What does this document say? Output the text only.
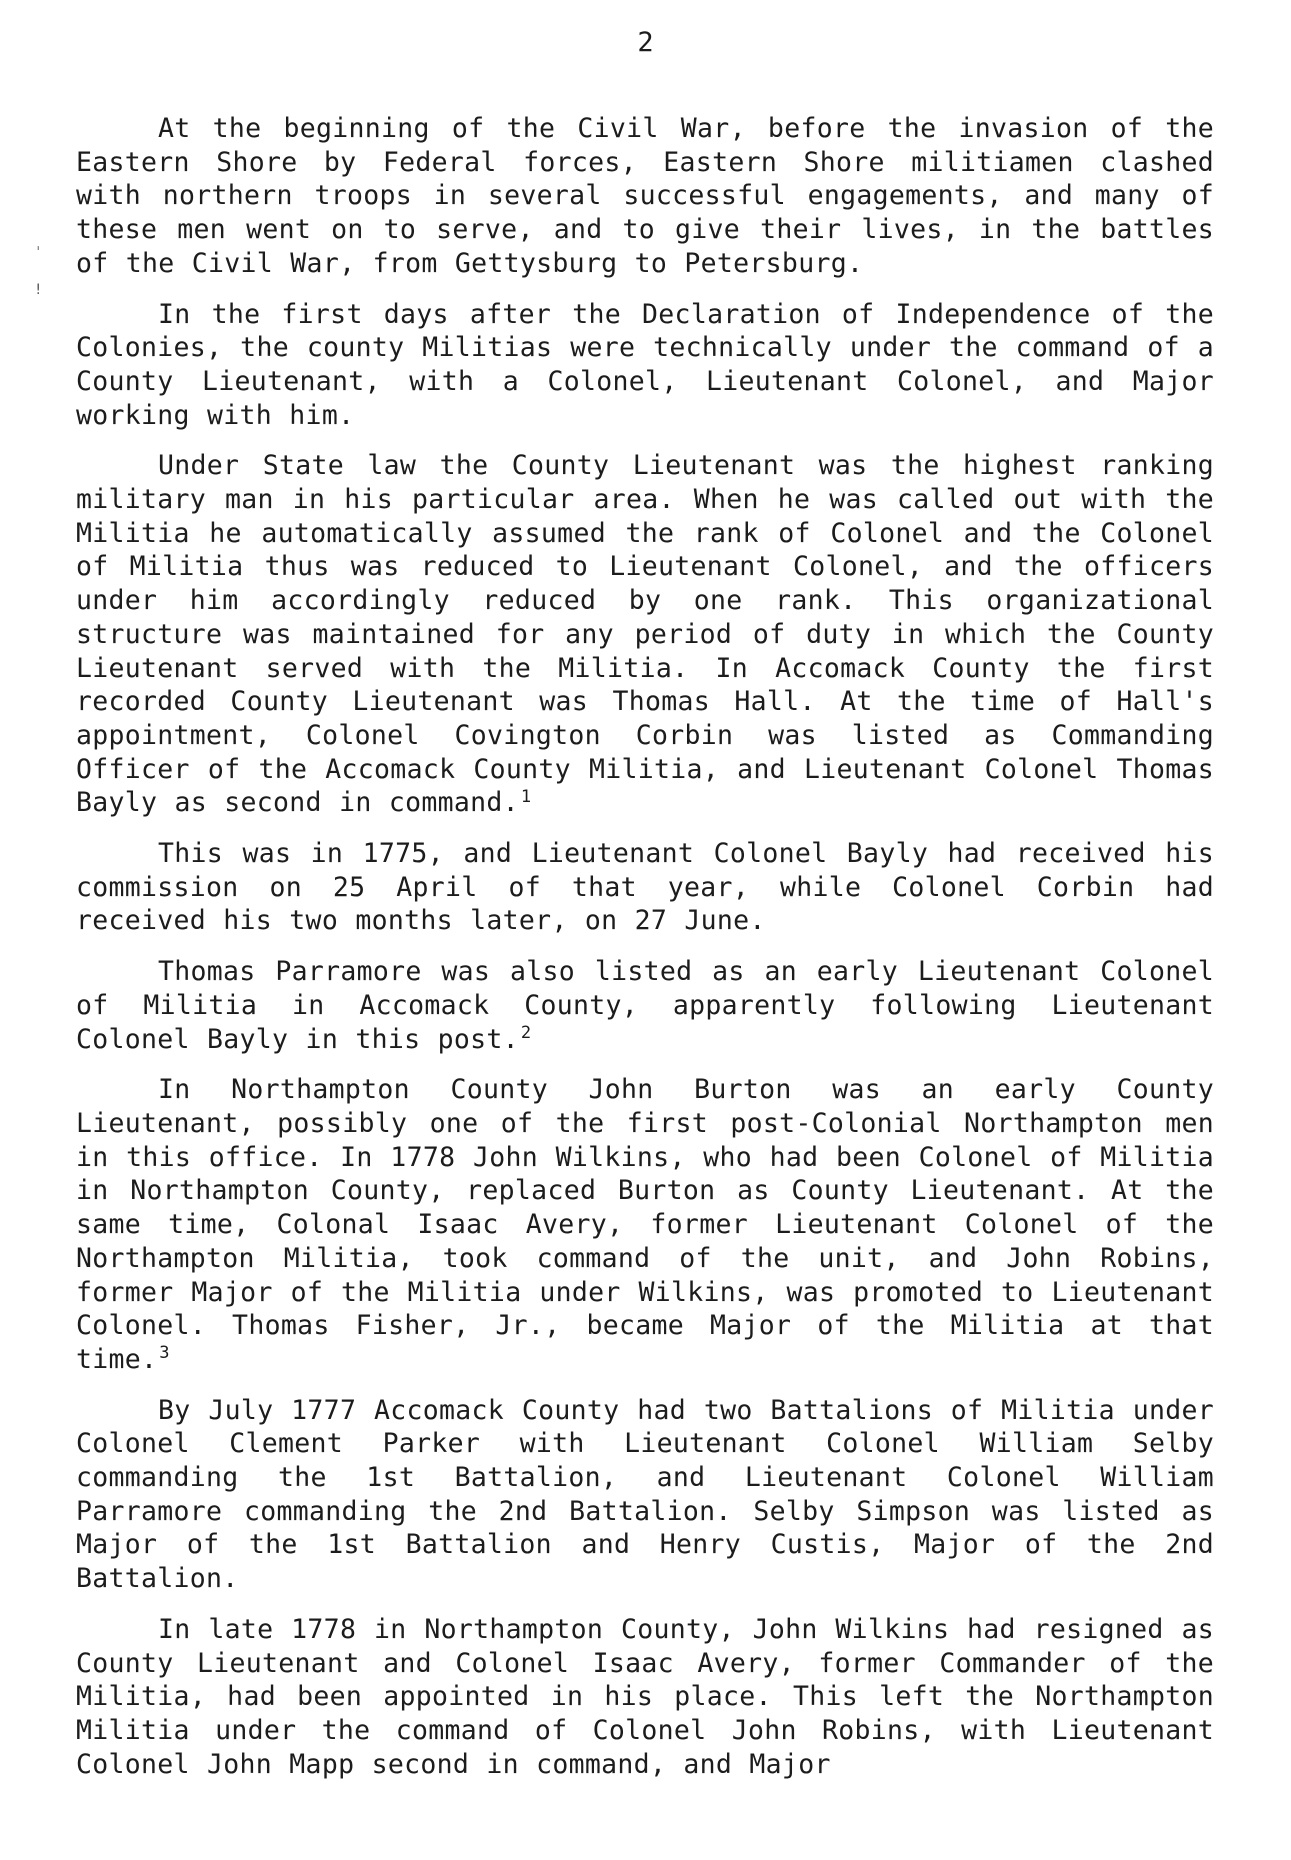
2
ˌ
!

At the beginning of the Civil War, before the invasion of the Eastern Shore by Federal forces, Eastern Shore militiamen clashed with northern troops in several successful engagements, and many of these men went on to serve, and to give their lives, in the battles of the Civil War, from Gettysburg to Petersburg.

In the first days after the Declaration of Independence of the Colonies, the county Militias were technically under the command of a County Lieutenant, with a Colonel, Lieutenant Colonel, and Major working with him.

Under State law the County Lieutenant was the highest ranking military man in his particular area. When he was called out with the Militia he automatically assumed the rank of Colonel and the Colonel of Militia thus was reduced to Lieutenant Colonel, and the officers under him accordingly reduced by one rank. This organizational structure was maintained for any period of duty in which the County Lieutenant served with the Militia. In Accomack County the first recorded County Lieutenant was Thomas Hall. At the time of Hall's appointment, Colonel Covington Corbin was listed as Commanding Officer of the Accomack County Militia, and Lieutenant Colonel Thomas Bayly as second in command. $^1$

This was in 1775, and Lieutenant Colonel Bayly had received his commission on 25 April of that year, while Colonel Corbin had received his two months later, on 27 June.

Thomas Parramore was also listed as an early Lieutenant Colonel of Militia in Accomack County, apparently following Lieutenant Colonel Bayly in this post. $^2$

In Northampton County John Burton was an early County Lieutenant, possibly one of the first post-Colonial Northampton men in this office. In 1778 John Wilkins, who had been Colonel of Militia in Northampton County, replaced Burton as County Lieutenant. At the same time, Colonal Isaac Avery, former Lieutenant Colonel of the Northampton Militia, took command of the unit, and John Robins, former Major of the Militia under Wilkins, was promoted to Lieutenant Colonel. Thomas Fisher, Jr., became Major of the Militia at that time. $^3$

By July 1777 Accomack County had two Battalions of Militia under Colonel Clement Parker with Lieutenant Colonel William Selby commanding the 1st Battalion, and Lieutenant Colonel William Parramore commanding the 2nd Battalion. Selby Simpson was listed as Major of the 1st Battalion and Henry Custis, Major of the 2nd Battalion.

In late 1778 in Northampton County, John Wilkins had resigned as County Lieutenant and Colonel Isaac Avery, former Commander of the Militia, had been appointed in his place. This left the Northampton Militia under the command of Colonel John Robins, with Lieutenant Colonel John Mapp second in command, and Major
